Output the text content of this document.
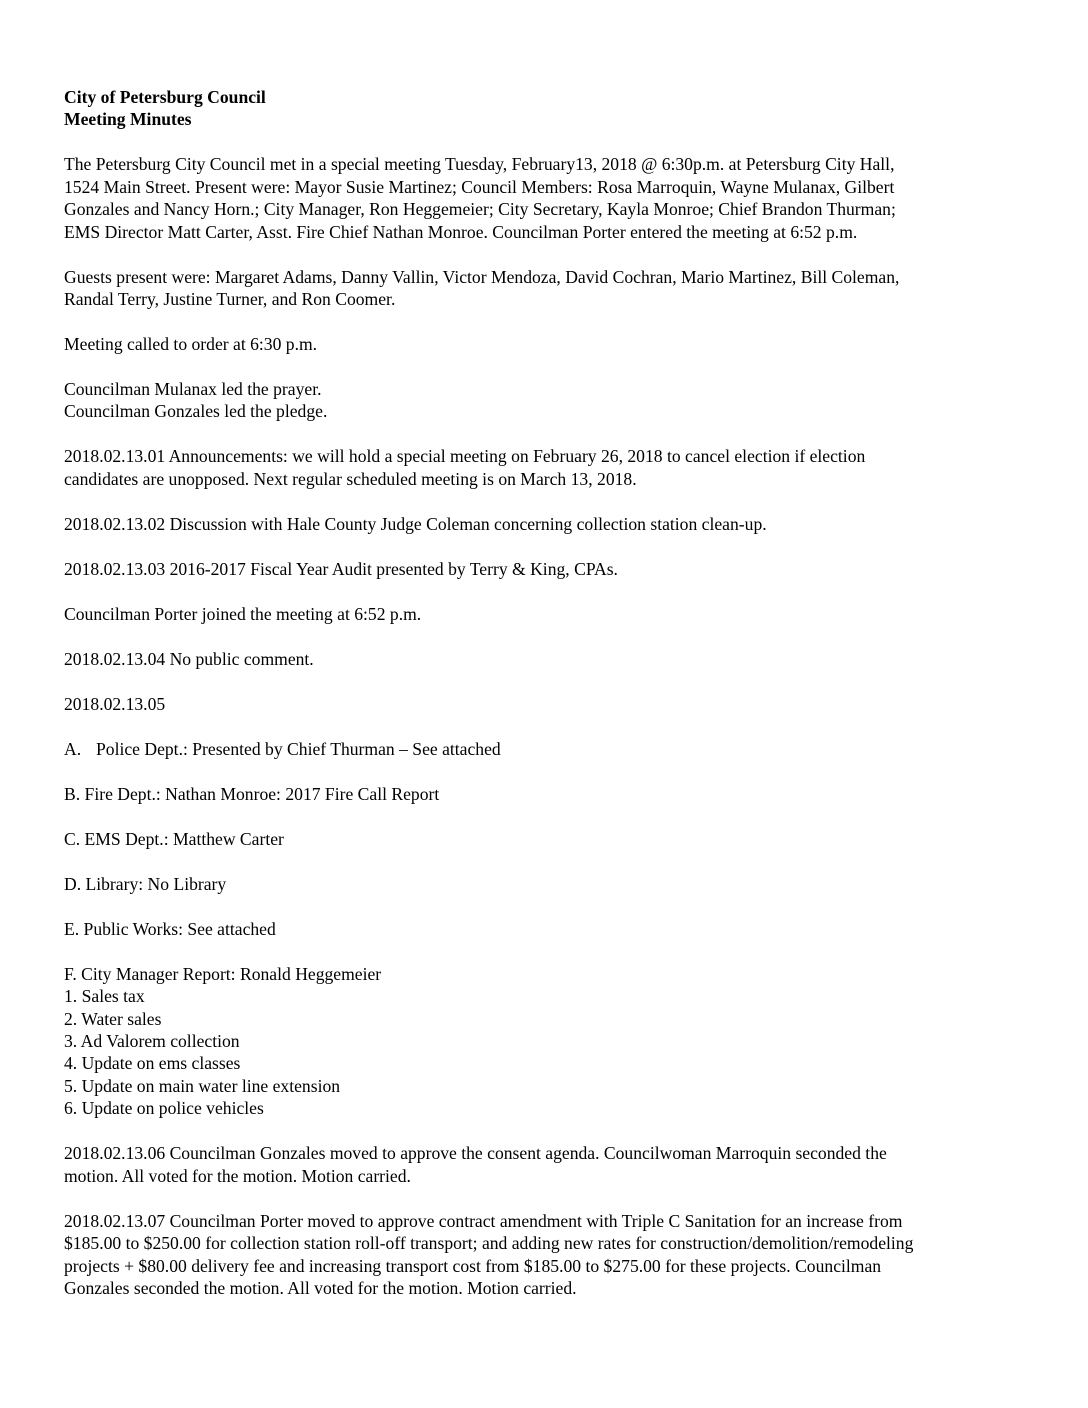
City of Petersburg Council
Meeting Minutes

The Petersburg City Council met in a special meeting Tuesday, February13, 2018 @ 6:30p.m. at Petersburg City Hall,
1524 Main Street. Present were: Mayor Susie Martinez; Council Members: Rosa Marroquin, Wayne Mulanax, Gilbert
Gonzales and Nancy Horn.; City Manager, Ron Heggemeier; City Secretary, Kayla Monroe; Chief Brandon Thurman;
EMS Director Matt Carter, Asst. Fire Chief Nathan Monroe. Councilman Porter entered the meeting at 6:52 p.m.

Guests present were: Margaret Adams, Danny Vallin, Victor Mendoza, David Cochran, Mario Martinez, Bill Coleman,
Randal Terry, Justine Turner, and Ron Coomer.

Meeting called to order at 6:30 p.m.

Councilman Mulanax led the prayer.
Councilman Gonzales led the pledge.

2018.02.13.01 Announcements: we will hold a special meeting on February 26, 2018 to cancel election if election
candidates are unopposed. Next regular scheduled meeting is on March 13, 2018.

2018.02.13.02 Discussion with Hale County Judge Coleman concerning collection station clean-up.

2018.02.13.03 2016-2017 Fiscal Year Audit presented by Terry & King, CPAs.

Councilman Porter joined the meeting at 6:52 p.m.

2018.02.13.04 No public comment.

2018.02.13.05

A. Police Dept.: Presented by Chief Thurman – See attached

B. Fire Dept.: Nathan Monroe: 2017 Fire Call Report

C. EMS Dept.: Matthew Carter

D. Library: No Library

E. Public Works: See attached

F. City Manager Report: Ronald Heggemeier
1. Sales tax
2. Water sales
3. Ad Valorem collection
4. Update on ems classes
5. Update on main water line extension
6. Update on police vehicles

2018.02.13.06 Councilman Gonzales moved to approve the consent agenda. Councilwoman Marroquin seconded the
motion. All voted for the motion. Motion carried.

2018.02.13.07 Councilman Porter moved to approve contract amendment with Triple C Sanitation for an increase from
$185.00 to $250.00 for collection station roll-off transport; and adding new rates for construction/demolition/remodeling
projects + $80.00 delivery fee and increasing transport cost from $185.00 to $275.00 for these projects. Councilman
Gonzales seconded the motion. All voted for the motion. Motion carried.
